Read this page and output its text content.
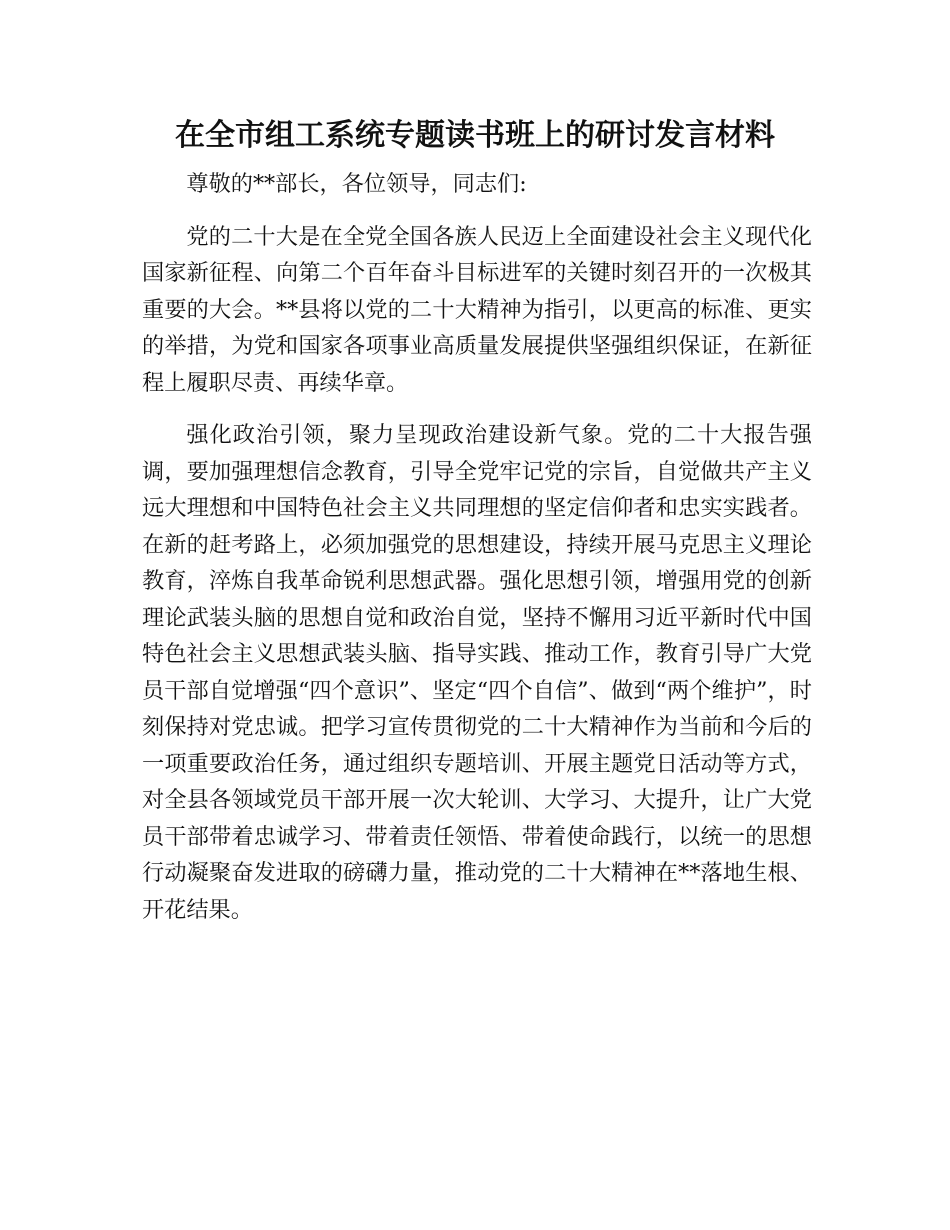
在全市组工系统专题读书班上的研讨发言材料

尊敬的**部长，各位领导，同志们:

党的二十大是在全党全国各族人民迈上全面建设社会主义现代化国家新征程、向第二个百年奋斗目标进军的关键时刻召开的一次极其重要的大会。**县将以党的二十大精神为指引，以更高的标准、更实的举措，为党和国家各项事业高质量发展提供坚强组织保证，在新征程上履职尽责、再续华章。

强化政治引领，聚力呈现政治建设新气象。党的二十大报告强调，要加强理想信念教育，引导全党牢记党的宗旨，自觉做共产主义远大理想和中国特色社会主义共同理想的坚定信仰者和忠实实践者。在新的赶考路上，必须加强党的思想建设，持续开展马克思主义理论教育，淬炼自我革命锐利思想武器。强化思想引领，增强用党的创新理论武装头脑的思想自觉和政治自觉，坚持不懈用习近平新时代中国特色社会主义思想武装头脑、指导实践、推动工作，教育引导广大党员干部自觉增强“四个意识”、坚定“四个自信”、做到“两个维护”，时刻保持对党忠诚。把学习宣传贯彻党的二十大精神作为当前和今后的一项重要政治任务，通过组织专题培训、开展主题党日活动等方式，对全县各领域党员干部开展一次大轮训、大学习、大提升，让广大党员干部带着忠诚学习、带着责任领悟、带着使命践行，以统一的思想行动凝聚奋发进取的磅礴力量，推动党的二十大精神在**落地生根、开花结果。
